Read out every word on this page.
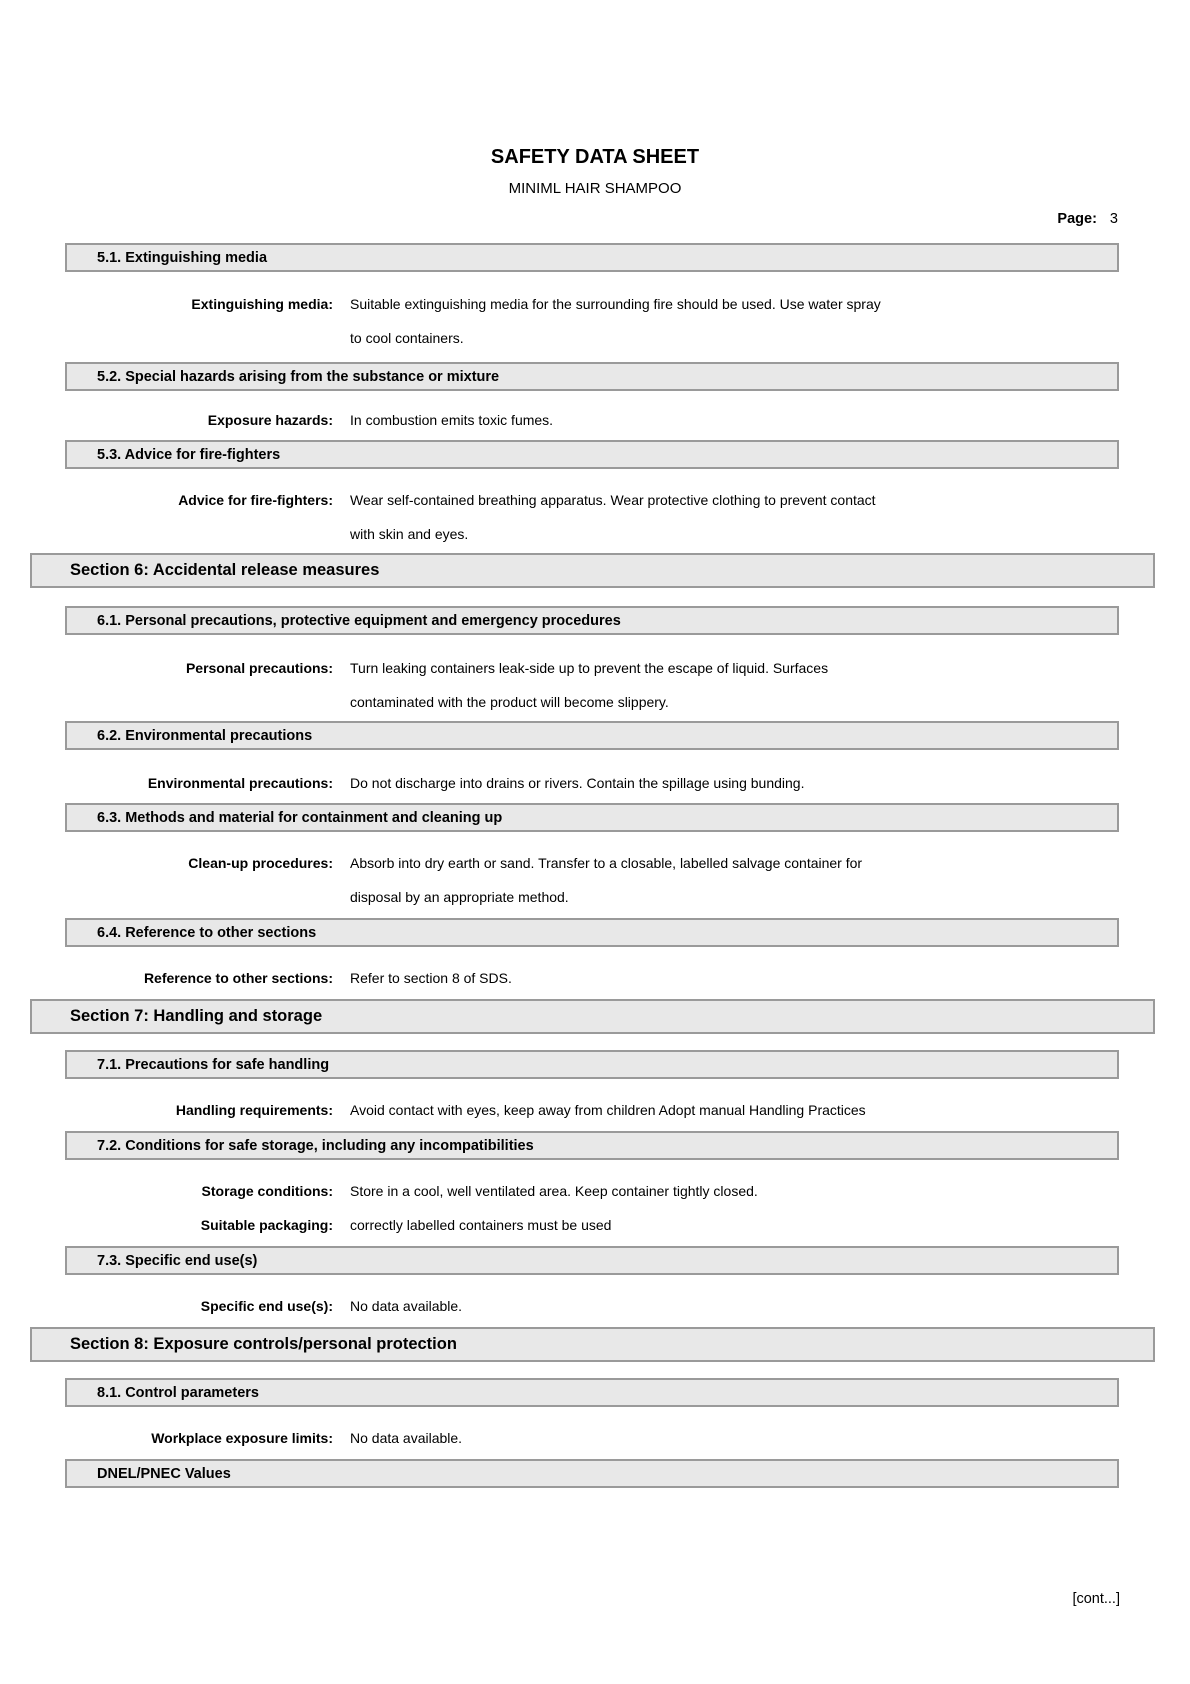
SAFETY DATA SHEET
MINIML HAIR SHAMPOO
Page: 3
5.1. Extinguishing media
Extinguishing media: Suitable extinguishing media for the surrounding fire should be used. Use water spray
to cool containers.
5.2. Special hazards arising from the substance or mixture
Exposure hazards: In combustion emits toxic fumes.
5.3. Advice for fire-fighters
Advice for fire-fighters: Wear self-contained breathing apparatus. Wear protective clothing to prevent contact
with skin and eyes.
Section 6: Accidental release measures
6.1. Personal precautions, protective equipment and emergency procedures
Personal precautions: Turn leaking containers leak-side up to prevent the escape of liquid. Surfaces
contaminated with the product will become slippery.
6.2. Environmental precautions
Environmental precautions: Do not discharge into drains or rivers. Contain the spillage using bunding.
6.3. Methods and material for containment and cleaning up
Clean-up procedures: Absorb into dry earth or sand. Transfer to a closable, labelled salvage container for
disposal by an appropriate method.
6.4. Reference to other sections
Reference to other sections: Refer to section 8 of SDS.
Section 7: Handling and storage
7.1. Precautions for safe handling
Handling requirements: Avoid contact with eyes, keep away from children Adopt manual Handling Practices
7.2. Conditions for safe storage, including any incompatibilities
Storage conditions: Store in a cool, well ventilated area. Keep container tightly closed.
Suitable packaging: correctly labelled containers must be used
7.3. Specific end use(s)
Specific end use(s): No data available.
Section 8: Exposure controls/personal protection
8.1. Control parameters
Workplace exposure limits: No data available.
DNEL/PNEC Values
[cont...]
